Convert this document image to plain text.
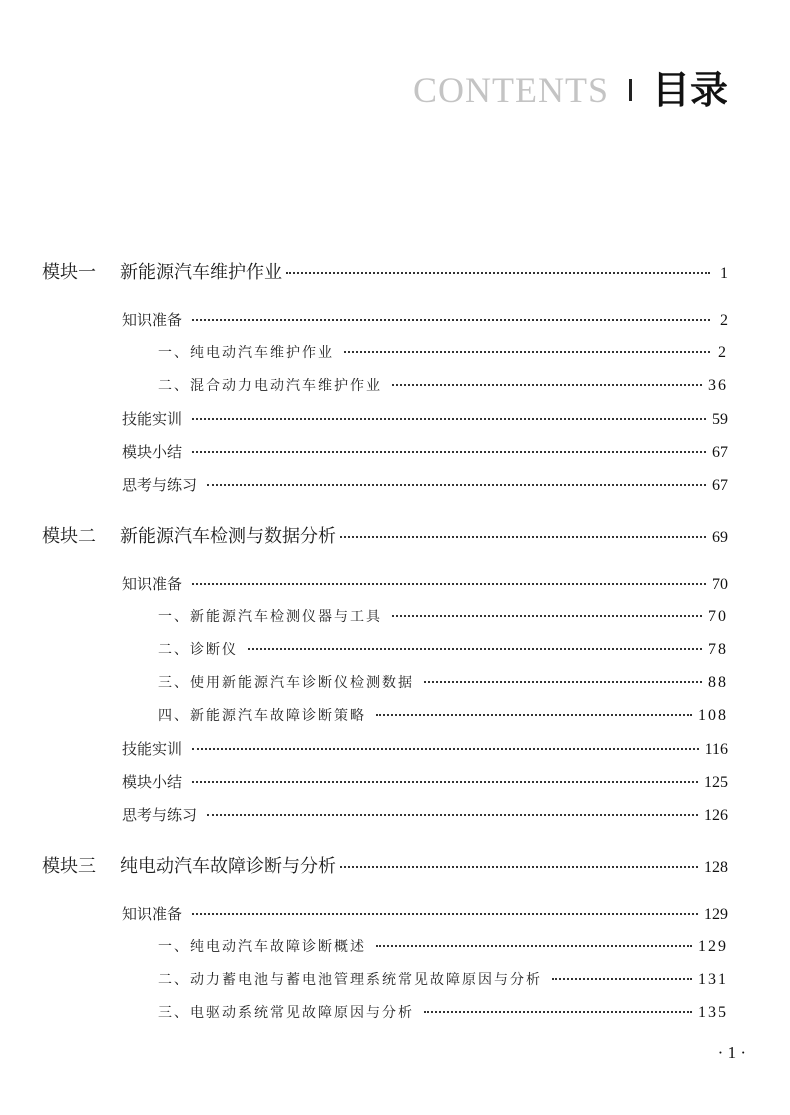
CONTENTS 目录
模块一	新能源汽车维护作业	1
知识准备	2
一、纯电动汽车维护作业	2
二、混合动力电动汽车维护作业	36
技能实训	59
模块小结	67
思考与练习	67
模块二	新能源汽车检测与数据分析	69
知识准备	70
一、新能源汽车检测仪器与工具	70
二、诊断仪	78
三、使用新能源汽车诊断仪检测数据	88
四、新能源汽车故障诊断策略	108
技能实训	116
模块小结	125
思考与练习	126
模块三	纯电动汽车故障诊断与分析	128
知识准备	129
一、纯电动汽车故障诊断概述	129
二、动力蓄电池与蓄电池管理系统常见故障原因与分析	131
三、电驱动系统常见故障原因与分析	135
· 1 ·
